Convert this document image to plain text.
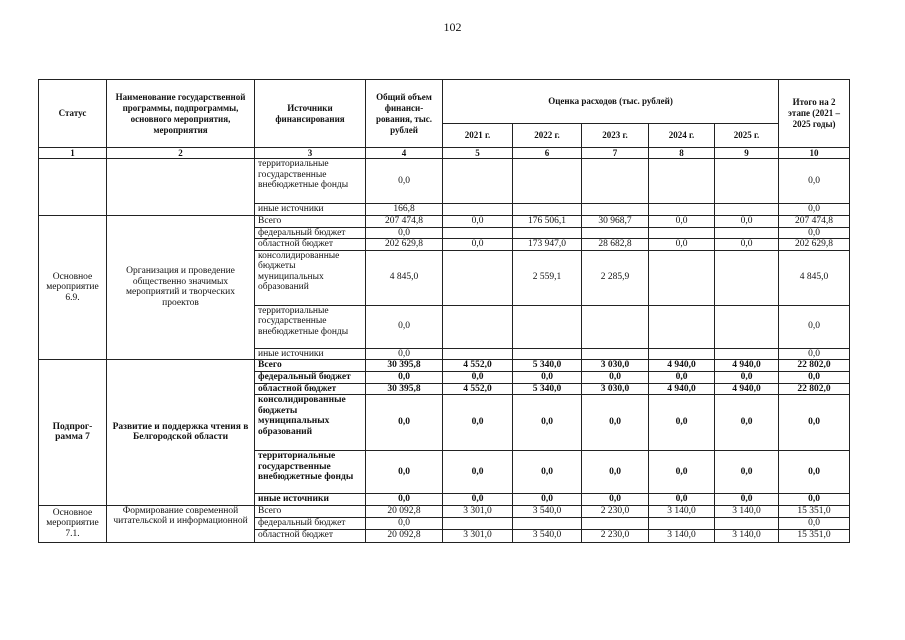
102
Статус	Наименование государственной программы, подпрограммы, основного мероприятия, мероприятия	Источники финансирования	Общий объем финанси-рования, тыс. рублей	Оценка расходов (тыс. рублей)					Итого на 2 этапе (2021 – 2025 годы)
				2021 г.	2022 г.	2023 г.	2024 г.	2025 г.	
1	2	3	4	5	6	7	8	9	10
		территориальные государственные внебюджетные фонды	0,0						0,0
		иные источники	166,8						0,0
Основное мероприятие 6.9.	Организация и проведение общественно значимых мероприятий и творческих проектов	Всего	207 474,8	0,0	176 506,1	30 968,7	0,0	0,0	207 474,8
		федеральный бюджет	0,0						0,0
		областной бюджет	202 629,8	0,0	173 947,0	28 682,8	0,0	0,0	202 629,8
		консолидированные бюджеты муниципальных образований	4 845,0		2 559,1	2 285,9			4 845,0
		территориальные государственные внебюджетные фонды	0,0						0,0
		иные источники	0,0						0,0
Подпрог-рамма 7	Развитие и поддержка чтения в Белгородской области	Всего	30 395,8	4 552,0	5 340,0	3 030,0	4 940,0	4 940,0	22 802,0
		федеральный бюджет	0,0	0,0	0,0	0,0	0,0	0,0	0,0
		областной бюджет	30 395,8	4 552,0	5 340,0	3 030,0	4 940,0	4 940,0	22 802,0
		консолидированные бюджеты муниципальных образований	0,0	0,0	0,0	0,0	0,0	0,0	0,0
		территориальные государственные внебюджетные фонды	0,0	0,0	0,0	0,0	0,0	0,0	0,0
		иные источники	0,0	0,0	0,0	0,0	0,0	0,0	0,0
Основное мероприятие 7.1.	Формирование современной читательской и информационной	Всего	20 092,8	3 301,0	3 540,0	2 230,0	3 140,0	3 140,0	15 351,0
		федеральный бюджет	0,0						0,0
		областной бюджет	20 092,8	3 301,0	3 540,0	2 230,0	3 140,0	3 140,0	15 351,0
